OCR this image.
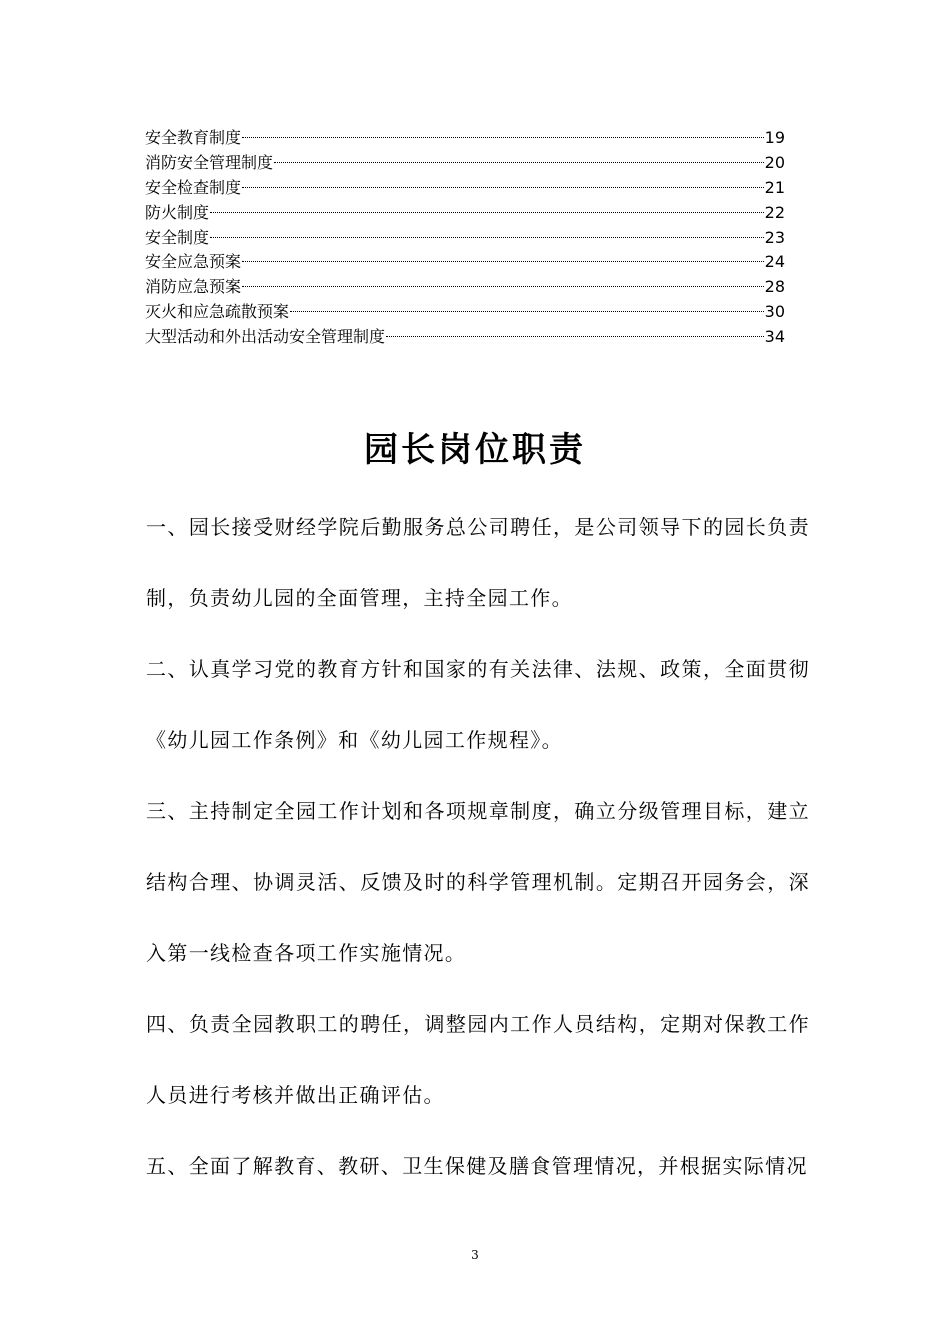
安全教育制度	19
消防安全管理制度	20
安全检查制度	21
防火制度	22
安全制度	23
安全应急预案	24
消防应急预案	28
灭火和应急疏散预案	30
大型活动和外出活动安全管理制度	34
园长岗位职责

一、园长接受财经学院后勤服务总公司聘任，是公司领导下的园长负责制，负责幼儿园的全面管理，主持全园工作。

二、认真学习党的教育方针和国家的有关法律、法规、政策，全面贯彻《幼儿园工作条例》和《幼儿园工作规程》。

三、主持制定全园工作计划和各项规章制度，确立分级管理目标，建立结构合理、协调灵活、反馈及时的科学管理机制。定期召开园务会，深入第一线检查各项工作实施情况。

四、负责全园教职工的聘任，调整园内工作人员结构，定期对保教工作人员进行考核并做出正确评估。

五、全面了解教育、教研、卫生保健及膳食管理情况，并根据实际情况

3
